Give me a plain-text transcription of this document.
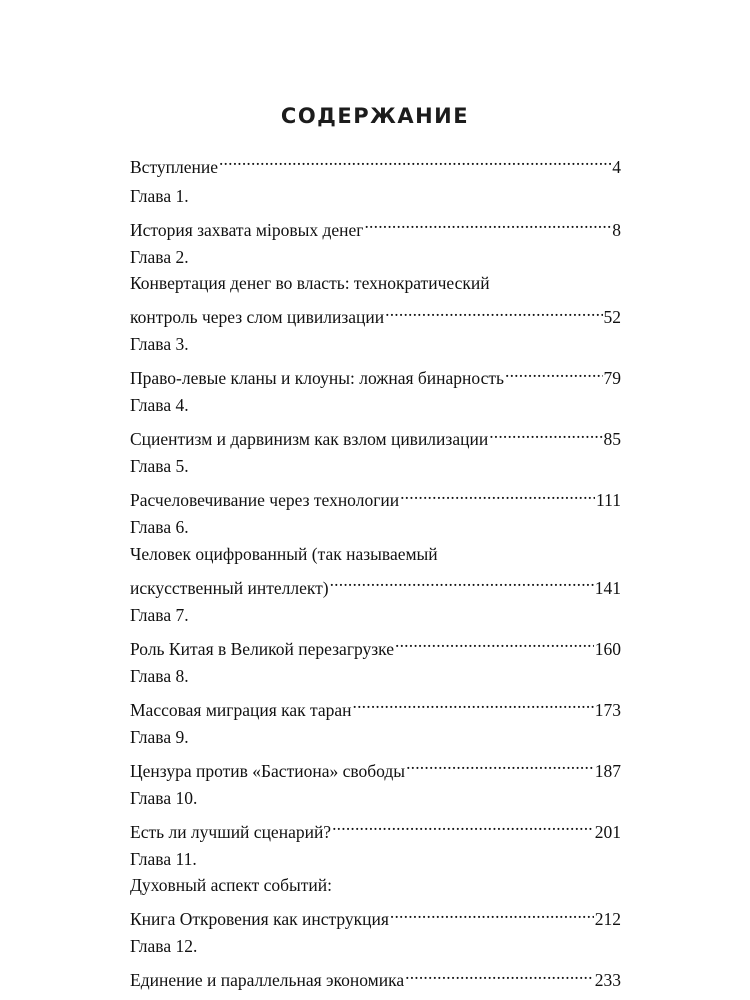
СОДЕРЖАНИЕ
Вступление .....	4
Глава 1.
История захвата міровых денег .....	8
Глава 2.
Конвертация денег во власть: технократический
контроль через слом цивилизации .....	52
Глава 3.
Право-левые кланы и клоуны: ложная бинарность .....	79
Глава 4.
Сциентизм и дарвинизм как взлом цивилизации .....	85
Глава 5.
Расчеловечивание через технологии .....	111
Глава 6.
Человек оцифрованный (так называемый
искусственный интеллект) .....	141
Глава 7.
Роль Китая в Великой перезагрузке .....	160
Глава 8.
Массовая миграция как таран .....	173
Глава 9.
Цензура против «Бастиона» свободы .....	187
Глава 10.
Есть ли лучший сценарий? .....	201
Глава 11.
Духовный аспект событий:
Книга Откровения как инструкция .....	212
Глава 12.
Единение и параллельная экономика .....	233
